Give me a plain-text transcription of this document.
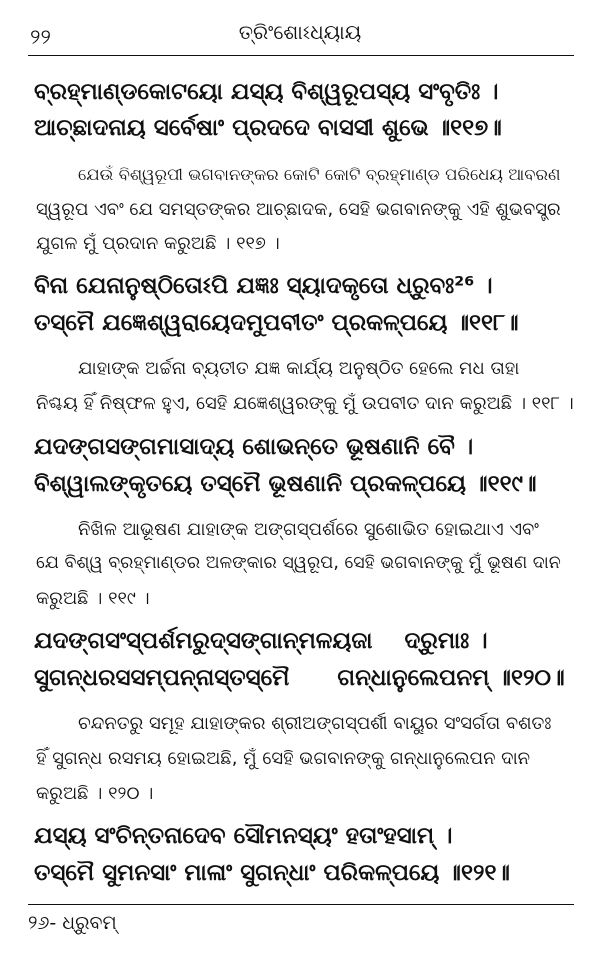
୨୨	ତ୍ରିଂଶୋଽଧ୍ୟାୟ
ବ୍ରହ୍ମାଣ୍ଡକୋଟୟୋ ଯସ୍ୟ ବିଶ୍ୱରୂପସ୍ୟ ସଂବୃତିଃ ।
ଆଚ୍ଛାଦନାୟ ସର୍ବେଷାଂ ପ୍ରଦଦେ ବାସସୀ ଶୁଭେ ॥୧୧୭॥
ଯେଉଁ ବିଶ୍ୱରୂପୀ ଭଗବାନଙ୍କର କୋଟି କୋଟି ବ୍ରହ୍ମାଣ୍ଡ ପରିଧେୟ ଆବରଣ
ସ୍ୱରୂପ ଏବଂ ଯେ ସମସ୍ତଙ୍କର ଆଚ୍ଛାଦକ, ସେହି ଭଗବାନଙ୍କୁ ଏହି ଶୁଭବସ୍ତ୍ର
ଯୁଗଳ ମୁଁ ପ୍ରଦାନ କରୁଅଛି । ୧୧୭ ।
ବିନା ଯେନାନୁଷ୍ଠିତୋଽପି ଯଜ୍ଞଃ ସ୍ୟାଦକୃତୋ ଧ୍ରୁବଃ²⁶ ।
ତସ୍ମୈ ଯଜ୍ଞେଶ୍ୱରାୟେଦମୁପବୀତଂ ପ୍ରକଳ୍ପୟେ ॥୧୧୮॥
ଯାହାଙ୍କ ଅର୍ଚ୍ଚନା ବ୍ୟତୀତ ଯଜ୍ଞ କାର୍ଯ୍ୟ ଅନୁଷ୍ଠିତ ହେଲେ ମଧ ତାହା
ନିଶ୍ଚୟ ହିଁ ନିଷ୍ଫଳ ହୁଏ, ସେହି ଯଜ୍ଞେଶ୍ୱରଙ୍କୁ ମୁଁ ଉପବୀତ ଦାନ କରୁଅଛି । ୧୧୮ ।
ଯଦଙ୍ଗସଙ୍ଗମାସାଦ୍ୟ ଶୋଭନ୍ତେ ଭୂଷଣାନି ବୈ ।
ବିଶ୍ୱାଲଙ୍କୃତୟେ ତସ୍ମୈ ଭୂଷଣାନି ପ୍ରକଳ୍ପୟେ ॥୧୧୯॥
ନିଖିଳ ଆଭୂଷଣ ଯାହାଙ୍କ ଅଙ୍ଗସ୍ପର୍ଶରେ ସୁଶୋଭିତ ହୋଇଥାଏ ଏବଂ
ଯେ ବିଶ୍ୱ ବ୍ରହ୍ମାଣ୍ଡର ଅଳଙ୍କାର ସ୍ୱରୂପ, ସେହି ଭଗବାନଙ୍କୁ ମୁଁ ଭୂଷଣ ଦାନ
କରୁଅଛି । ୧୧୯ ।
ଯଦଙ୍ଗସଂସ୍ପର୍ଶମରୁଦ୍‌ସଙ୍ଗାନ୍ମଳୟଜା    ଦ୍ରୁମାଃ ।
ସୁଗନ୍ଧରସସମ୍ପନ୍ନାସ୍ତସ୍ମୈ      ଗନ୍ଧାନୁଲେପନମ୍ ॥୧୨୦॥
ଚନ୍ଦନତରୁ ସମୂହ ଯାହାଙ୍କର ଶ୍ରୀଅଙ୍ଗସ୍ପର୍ଶୀ ବାୟୁର ସଂସର୍ଗତା ବଶତଃ
ହିଁ ସୁଗନ୍ଧ ରସମୟ ହୋଇଅଛି, ମୁଁ ସେହି ଭଗବାନଙ୍କୁ ଗନ୍ଧାନୁଲେପନ ଦାନ
କରୁଅଛି । ୧୨୦ ।
ଯସ୍ୟ ସଂଚିନ୍ତନାଦେବ ସୌମନସ୍ୟଂ ହତାଂହସାମ୍ ।
ତସ୍ମୈ ସୁମନସାଂ ମାଳାଂ ସୁଗନ୍ଧାଂ ପରିକଳ୍ପୟେ ॥୧୨୧॥
୨୬- ଧ୍ରୁବମ୍
